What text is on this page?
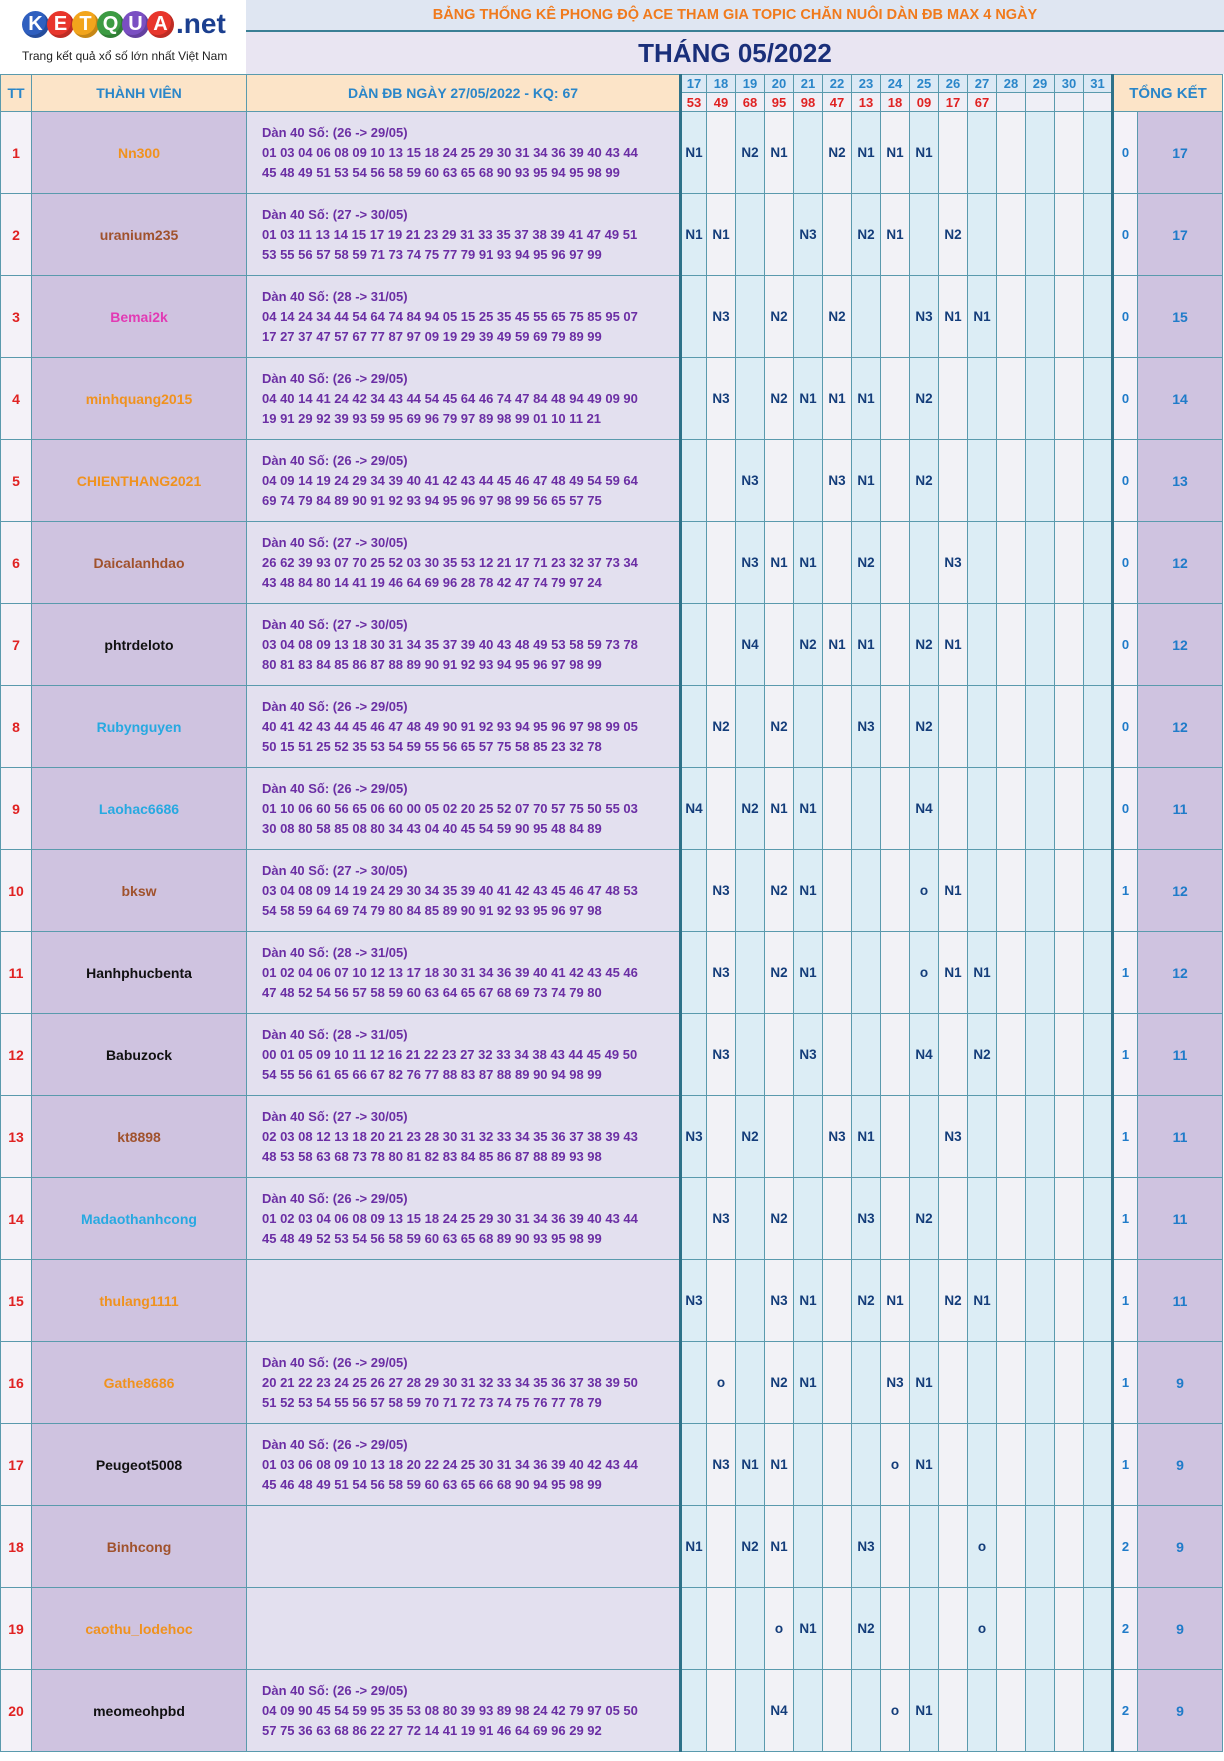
K E T Q U A .net
Trang kết quả xổ số lớn nhất Việt Nam
BẢNG THỐNG KÊ PHONG ĐỘ ACE THAM GIA TOPIC CHĂN NUÔI DÀN ĐB MAX 4 NGÀY
THÁNG 05/2022
TT	THÀNH VIÊN	DÀN ĐB NGÀY 27/05/2022 - KQ: 67	17	18	19	20	21	22	23	24	25	26	27	28	29	30	31	TỔNG KẾT	
			53	49	68	95	98	47	13	18	09	17	67						
1	Nn300	Dàn 40 Số: (26 -> 29/05)
01 03 04 06 08 09 10 13 15 18 24 25 29 30 31 34 36 39 40 43 44
45 48 49 51 53 54 56 58 59 60 63 65 68 90 93 95 94 95 98 99	N1		N2	N1		N2	N1	N1	N1							0	17
2	uranium235	Dàn 40 Số: (27 -> 30/05)
01 03 11 13 14 15 17 19 21 23 29 31 33 35 37 38 39 41 47 49 51
53 55 56 57 58 59 71 73 74 75 77 79 91 93 94 95 96 97 99	N1	N1			N3		N2	N1		N2						0	17
3	Bemai2k	Dàn 40 Số: (28 -> 31/05)
04 14 24 34 44 54 64 74 84 94 05 15 25 35 45 55 65 75 85 95 07
17 27 37 47 57 67 77 87 97 09 19 29 39 49 59 69 79 89 99		N3		N2		N2			N3	N1	N1					0	15
4	minhquang2015	Dàn 40 Số: (26 -> 29/05)
04 40 14 41 24 42 34 43 44 54 45 64 46 74 47 84 48 94 49 09 90
19 91 29 92 39 93 59 95 69 96 79 97 89 98 99 01 10 11 21		N3		N2	N1	N1	N1		N2							0	14
5	CHIENTHANG2021	Dàn 40 Số: (26 -> 29/05)
04 09 14 19 24 29 34 39 40 41 42 43 44 45 46 47 48 49 54 59 64
69 74 79 84 89 90 91 92 93 94 95 96 97 98 99 56 65 57 75			N3			N3	N1		N2							0	13
6	Daicalanhdao	Dàn 40 Số: (27 -> 30/05)
26 62 39 93 07 70 25 52 03 30 35 53 12 21 17 71 23 32 37 73 34
43 48 84 80 14 41 19 46 64 69 96 28 78 42 47 74 79 97 24			N3	N1	N1		N2			N3						0	12
7	phtrdeloto	Dàn 40 Số: (27 -> 30/05)
03 04 08 09 13 18 30 31 34 35 37 39 40 43 48 49 53 58 59 73 78
80 81 83 84 85 86 87 88 89 90 91 92 93 94 95 96 97 98 99			N4		N2	N1	N1		N2	N1						0	12
8	Rubynguyen	Dàn 40 Số: (26 -> 29/05)
40 41 42 43 44 45 46 47 48 49 90 91 92 93 94 95 96 97 98 99 05
50 15 51 25 52 35 53 54 59 55 56 65 57 75 58 85 23 32 78		N2		N2			N3		N2							0	12
9	Laohac6686	Dàn 40 Số: (26 -> 29/05)
01 10 06 60 56 65 06 60 00 05 02 20 25 52 07 70 57 75 50 55 03
30 08 80 58 85 08 80 34 43 04 40 45 54 59 90 95 48 84 89	N4		N2	N1	N1				N4							0	11
10	bksw	Dàn 40 Số: (27 -> 30/05)
03 04 08 09 14 19 24 29 30 34 35 39 40 41 42 43 45 46 47 48 53
54 58 59 64 69 74 79 80 84 85 89 90 91 92 93 95 96 97 98		N3		N2	N1				o	N1						1	12
11	Hanhphucbenta	Dàn 40 Số: (28 -> 31/05)
01 02 04 06 07 10 12 13 17 18 30 31 34 36 39 40 41 42 43 45 46
47 48 52 54 56 57 58 59 60 63 64 65 67 68 69 73 74 79 80		N3		N2	N1				o	N1	N1					1	12
12	Babuzock	Dàn 40 Số: (28 -> 31/05)
00 01 05 09 10 11 12 16 21 22 23 27 32 33 34 38 43 44 45 49 50
54 55 56 61 65 66 67 82 76 77 88 83 87 88 89 90 94 98 99		N3			N3				N4		N2					1	11
13	kt8898	Dàn 40 Số: (27 -> 30/05)
02 03 08 12 13 18 20 21 23 28 30 31 32 33 34 35 36 37 38 39 43
48 53 58 63 68 73 78 80 81 82 83 84 85 86 87 88 89 93 98	N3		N2			N3	N1			N3						1	11
14	Madaothanhcong	Dàn 40 Số: (26 -> 29/05)
01 02 03 04 06 08 09 13 15 18 24 25 29 30 31 34 36 39 40 43 44
45 48 49 52 53 54 56 58 59 60 63 65 68 89 90 93 95 98 99		N3		N2			N3		N2							1	11
15	thulang1111		N3			N3	N1		N2	N1		N2	N1					1	11
16	Gathe8686	Dàn 40 Số: (26 -> 29/05)
20 21 22 23 24 25 26 27 28 29 30 31 32 33 34 35 36 37 38 39 50
51 52 53 54 55 56 57 58 59 70 71 72 73 74 75 76 77 78 79		o		N2	N1			N3	N1							1	9
17	Peugeot5008	Dàn 40 Số: (26 -> 29/05)
01 03 06 08 09 10 13 18 20 22 24 25 30 31 34 36 39 40 42 43 44
45 46 48 49 51 54 56 58 59 60 63 65 66 68 90 94 95 98 99		N3	N1	N1				o	N1							1	9
18	Binhcong		N1		N2	N1			N3				o					2	9
19	caothu_lodehoc					o	N1		N2				o					2	9
20	meomeohpbd	Dàn 40 Số: (26 -> 29/05)
04 09 90 45 54 59 95 35 53 08 80 39 93 89 98 24 42 79 97 05 50
57 75 36 63 68 86 22 27 72 14 41 19 91 46 64 69 96 29 92				N4				o	N1							2	9
